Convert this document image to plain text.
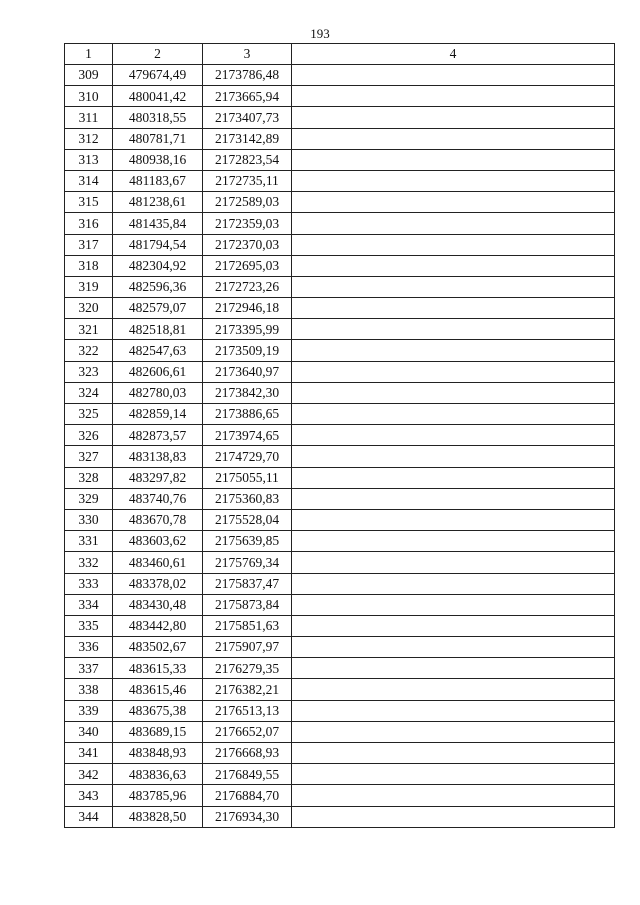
193
1	2	3	4
309	479674,49	2173786,48	
310	480041,42	2173665,94	
311	480318,55	2173407,73	
312	480781,71	2173142,89	
313	480938,16	2172823,54	
314	481183,67	2172735,11	
315	481238,61	2172589,03	
316	481435,84	2172359,03	
317	481794,54	2172370,03	
318	482304,92	2172695,03	
319	482596,36	2172723,26	
320	482579,07	2172946,18	
321	482518,81	2173395,99	
322	482547,63	2173509,19	
323	482606,61	2173640,97	
324	482780,03	2173842,30	
325	482859,14	2173886,65	
326	482873,57	2173974,65	
327	483138,83	2174729,70	
328	483297,82	2175055,11	
329	483740,76	2175360,83	
330	483670,78	2175528,04	
331	483603,62	2175639,85	
332	483460,61	2175769,34	
333	483378,02	2175837,47	
334	483430,48	2175873,84	
335	483442,80	2175851,63	
336	483502,67	2175907,97	
337	483615,33	2176279,35	
338	483615,46	2176382,21	
339	483675,38	2176513,13	
340	483689,15	2176652,07	
341	483848,93	2176668,93	
342	483836,63	2176849,55	
343	483785,96	2176884,70	
344	483828,50	2176934,30	
